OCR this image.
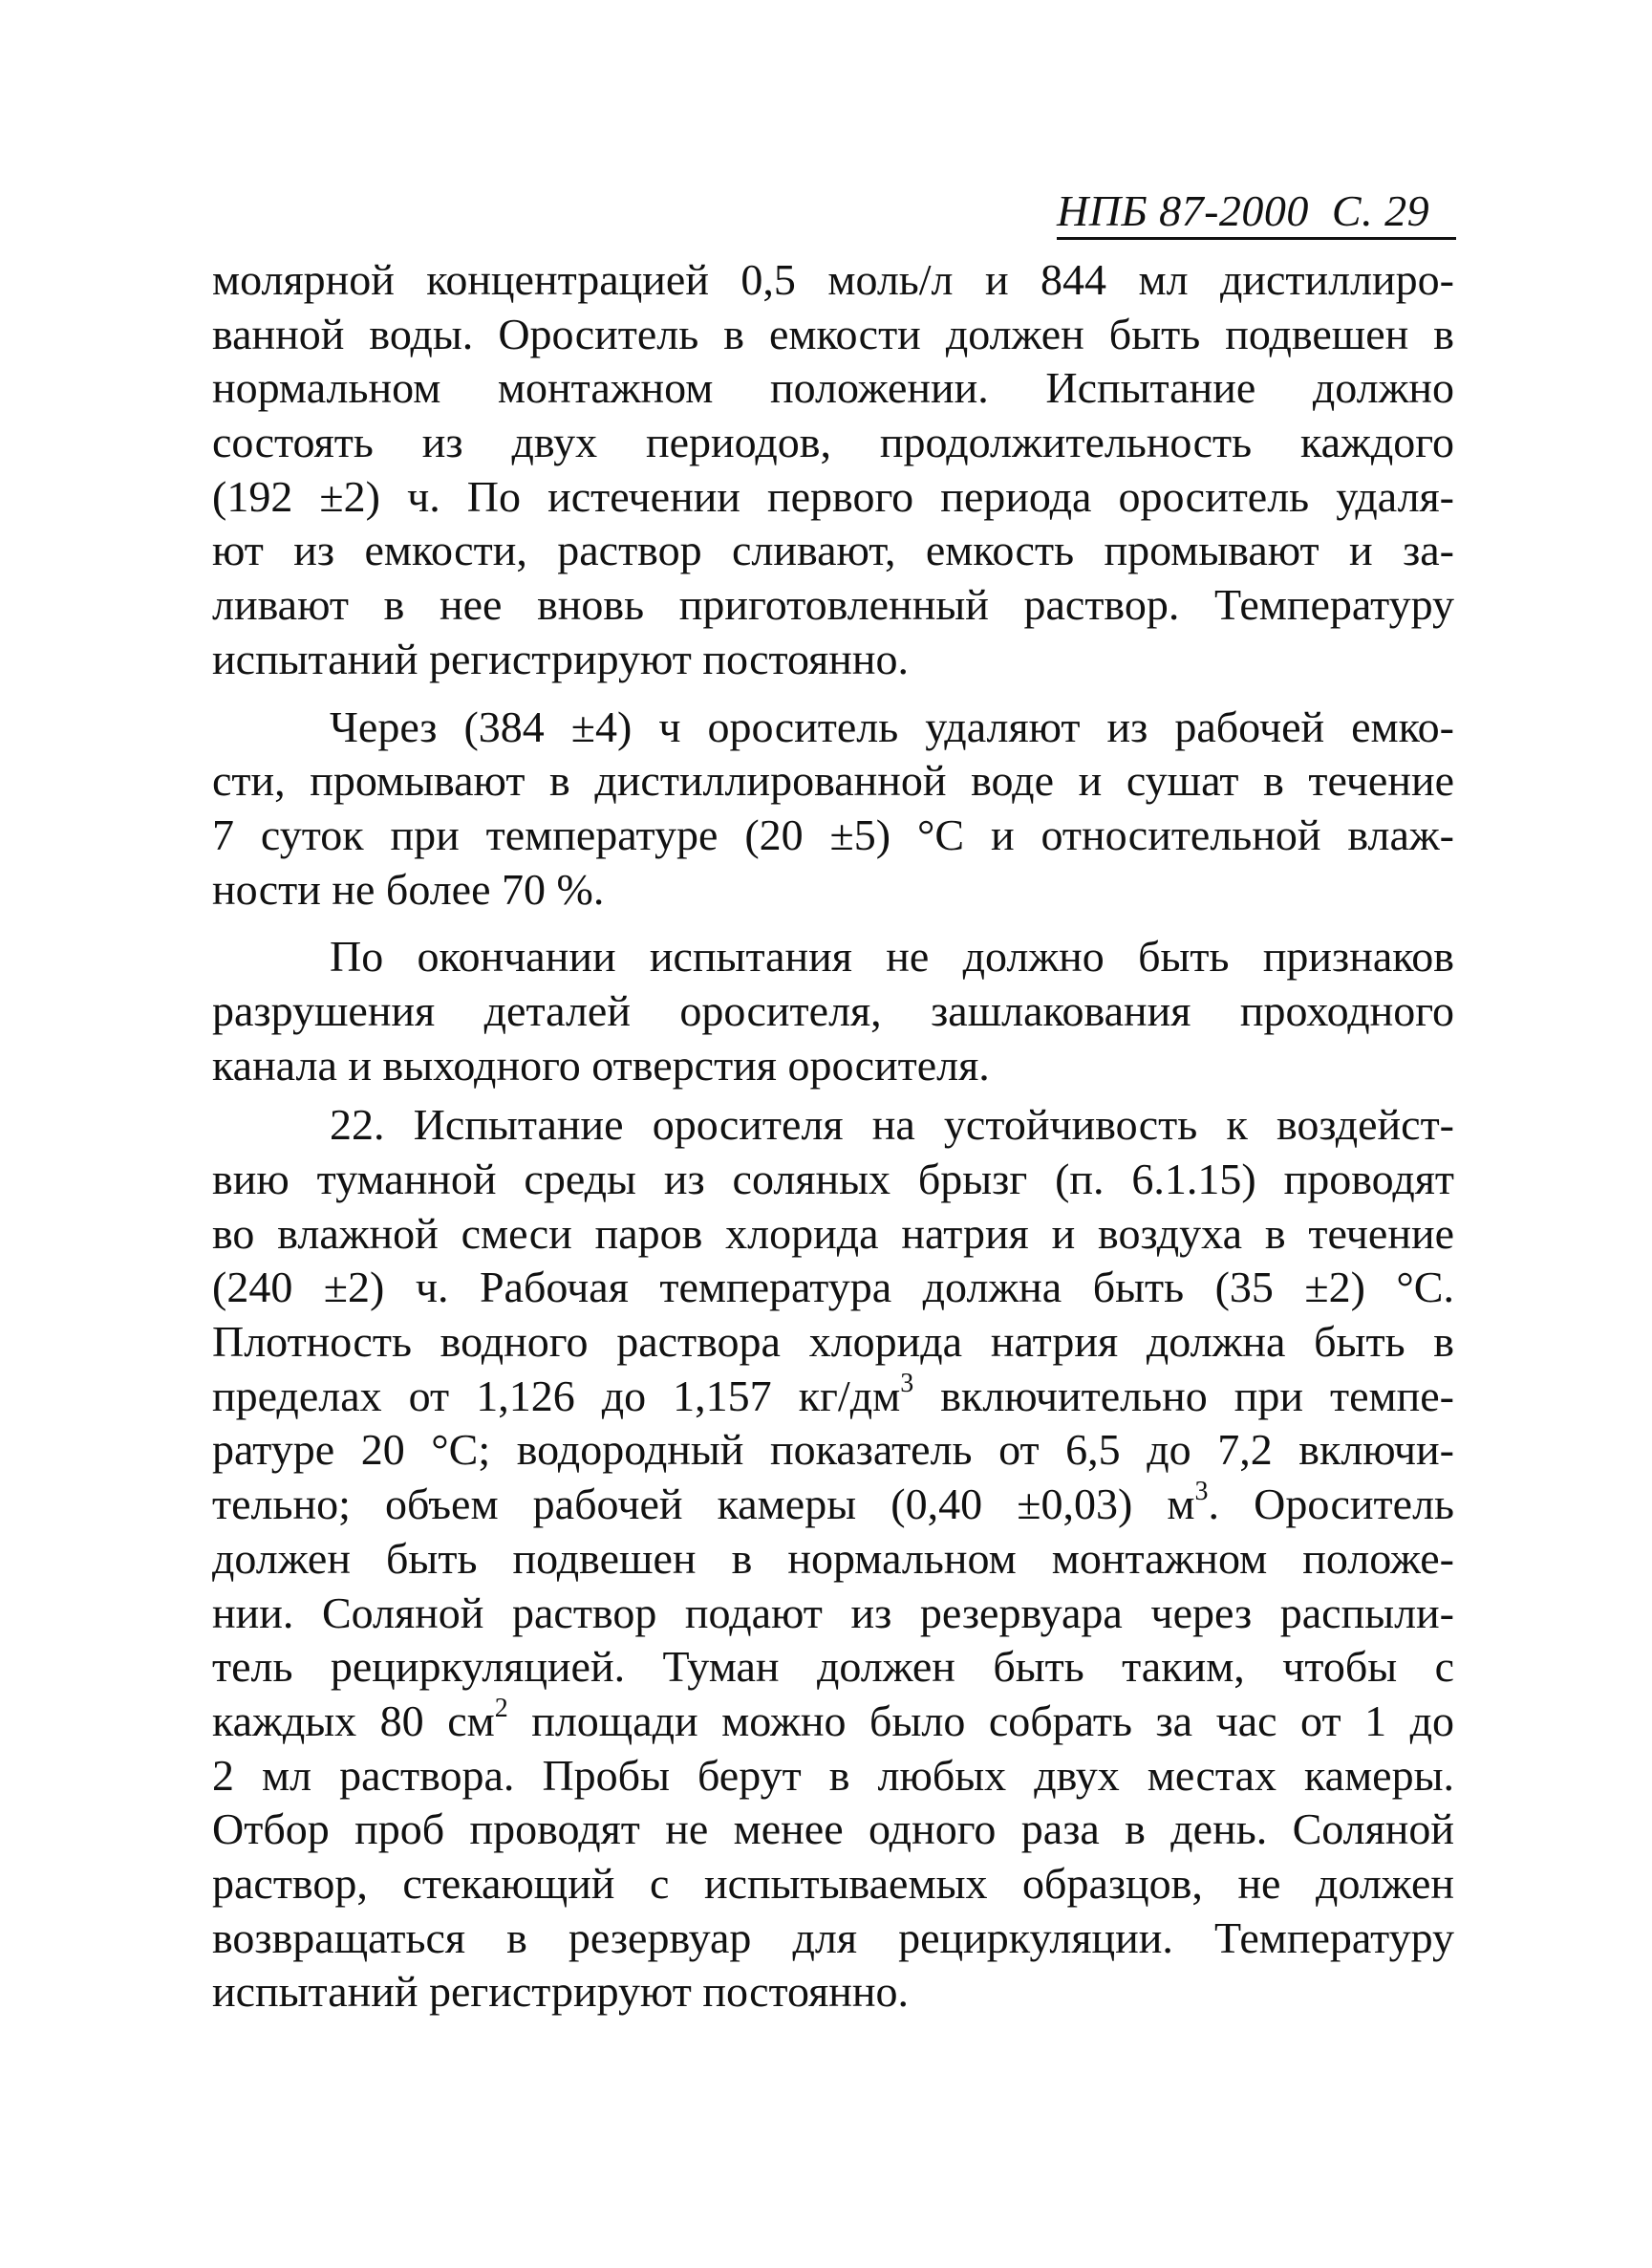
НПБ 87-2000 С. 29
молярной концентрацией 0,5 моль/л и 844 мл дистиллиро-
ванной воды. Ороситель в емкости должен быть подвешен в
нормальном монтажном положении. Испытание должно
состоять из двух периодов, продолжительность каждого
(192 ±2) ч. По истечении первого периода ороситель удаля-
ют из емкости, раствор сливают, емкость промывают и за-
ливают в нее вновь приготовленный раствор. Температуру
испытаний регистрируют постоянно.
Через (384 ±4) ч ороситель удаляют из рабочей емко-
сти, промывают в дистиллированной воде и сушат в течение
7 суток при температуре (20 ±5) °С и относительной влаж-
ности не более 70 %.
По окончании испытания не должно быть признаков
разрушения деталей оросителя, зашлакования проходного
канала и выходного отверстия оросителя.
22. Испытание оросителя на устойчивость к воздейст-
вию туманной среды из соляных брызг (п. 6.1.15) проводят
во влажной смеси паров хлорида натрия и воздуха в течение
(240 ±2) ч. Рабочая температура должна быть (35 ±2) °С.
Плотность водного раствора хлорида натрия должна быть в
пределах от 1,126 до 1,157 $кг/дм^3$ включительно при темпе-
ратуре 20 °С; водородный показатель от 6,5 до 7,2 включи-
тельно; объем рабочей камеры (0,40 ±0,03) $м^3$. Ороситель
должен быть подвешен в нормальном монтажном положе-
нии. Соляной раствор подают из резервуара через распыли-
тель рециркуляцией. Туман должен быть таким, чтобы с
каждых 80 $см^2$ площади можно было собрать за час от 1 до
2 мл раствора. Пробы берут в любых двух местах камеры.
Отбор проб проводят не менее одного раза в день. Соляной
раствор, стекающий с испытываемых образцов, не должен
возвращаться в резервуар для рециркуляции. Температуру
испытаний регистрируют постоянно.
